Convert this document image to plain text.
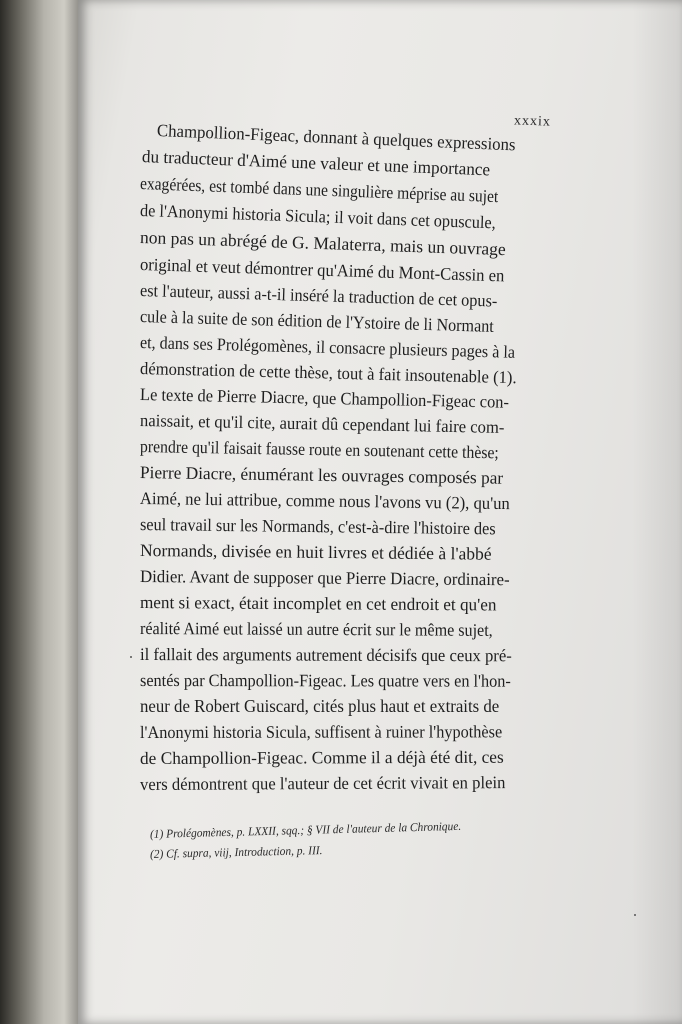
xxxix
Champollion-Figeac, donnant à quelques expressions
du traducteur d'Aimé une valeur et une importance
exagérées, est tombé dans une singulière méprise au sujet
de l'Anonymi historia Sicula; il voit dans cet opuscule,
non pas un abrégé de G. Malaterra, mais un ouvrage
original et veut démontrer qu'Aimé du Mont-Cassin en
est l'auteur, aussi a-t-il inséré la traduction de cet opus-
cule à la suite de son édition de l'Ystoire de li Normant
et, dans ses Prolégomènes, il consacre plusieurs pages à la
démonstration de cette thèse, tout à fait insoutenable (1).
Le texte de Pierre Diacre, que Champollion-Figeac con-
naissait, et qu'il cite, aurait dû cependant lui faire com-
prendre qu'il faisait fausse route en soutenant cette thèse;
Pierre Diacre, énumérant les ouvrages composés par
Aimé, ne lui attribue, comme nous l'avons vu (2), qu'un
seul travail sur les Normands, c'est-à-dire l'histoire des
Normands, divisée en huit livres et dédiée à l'abbé
Didier. Avant de supposer que Pierre Diacre, ordinaire-
ment si exact, était incomplet en cet endroit et qu'en
réalité Aimé eut laissé un autre écrit sur le même sujet,
il fallait des arguments autrement décisifs que ceux pré-
sentés par Champollion-Figeac. Les quatre vers en l'hon-
neur de Robert Guiscard, cités plus haut et extraits de
l'Anonymi historia Sicula, suffisent à ruiner l'hypothèse
de Champollion-Figeac. Comme il a déjà été dit, ces
vers démontrent que l'auteur de cet écrit vivait en plein
(1) Prolégomènes, p. LXXII, sqq.; § VII de l'auteur de la Chronique.
(2) Cf. supra, viij, Introduction, p. III.
